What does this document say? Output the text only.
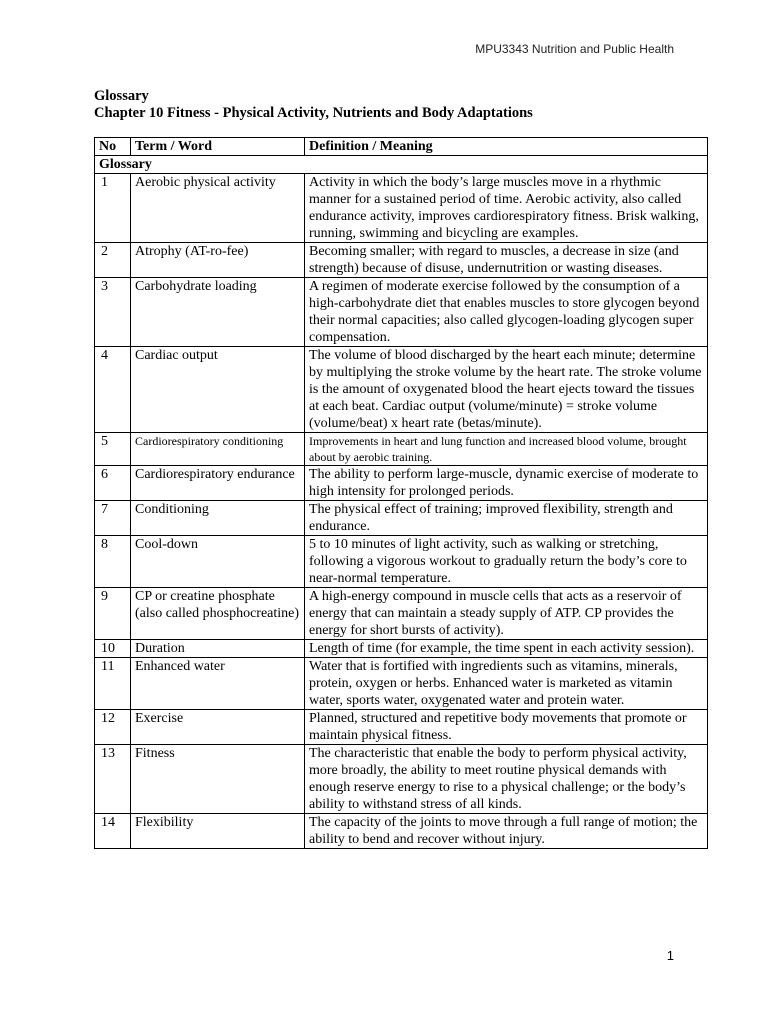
MPU3343 Nutrition and Public Health
Glossary
Chapter 10 Fitness - Physical Activity, Nutrients and Body Adaptations
No	Term / Word	Definition / Meaning
Glossary		
1	Aerobic physical activity	Activity in which the body’s large muscles move in a rhythmic manner for a sustained period of time. Aerobic activity, also called endurance activity, improves cardiorespiratory fitness. Brisk walking, running, swimming and bicycling are examples.
2	Atrophy (AT-ro-fee)	Becoming smaller; with regard to muscles, a decrease in size (and strength) because of disuse, undernutrition or wasting diseases.
3	Carbohydrate loading	A regimen of moderate exercise followed by the consumption of a high-carbohydrate diet that enables muscles to store glycogen beyond their normal capacities; also called glycogen-loading glycogen super compensation.
4	Cardiac output	The volume of blood discharged by the heart each minute; determine by multiplying the stroke volume by the heart rate. The stroke volume is the amount of oxygenated blood the heart ejects toward the tissues at each beat. Cardiac output (volume/minute) = stroke volume (volume/beat) x heart rate (betas/minute).
5	Cardiorespiratory conditioning	Improvements in heart and lung function and increased blood volume, brought about by aerobic training.
6	Cardiorespiratory endurance	The ability to perform large-muscle, dynamic exercise of moderate to high intensity for prolonged periods.
7	Conditioning	The physical effect of training; improved flexibility, strength and endurance.
8	Cool-down	5 to 10 minutes of light activity, such as walking or stretching, following a vigorous workout to gradually return the body’s core to near-normal temperature.
9	CP or creatine phosphate (also called phosphocreatine)	A high-energy compound in muscle cells that acts as a reservoir of energy that can maintain a steady supply of ATP. CP provides the energy for short bursts of activity).
10	Duration	Length of time (for example, the time spent in each activity session).
11	Enhanced water	Water that is fortified with ingredients such as vitamins, minerals, protein, oxygen or herbs. Enhanced water is marketed as vitamin water, sports water, oxygenated water and protein water.
12	Exercise	Planned, structured and repetitive body movements that promote or maintain physical fitness.
13	Fitness	The characteristic that enable the body to perform physical activity, more broadly, the ability to meet routine physical demands with enough reserve energy to rise to a physical challenge; or the body’s ability to withstand stress of all kinds.
14	Flexibility	The capacity of the joints to move through a full range of motion; the ability to bend and recover without injury.
1
